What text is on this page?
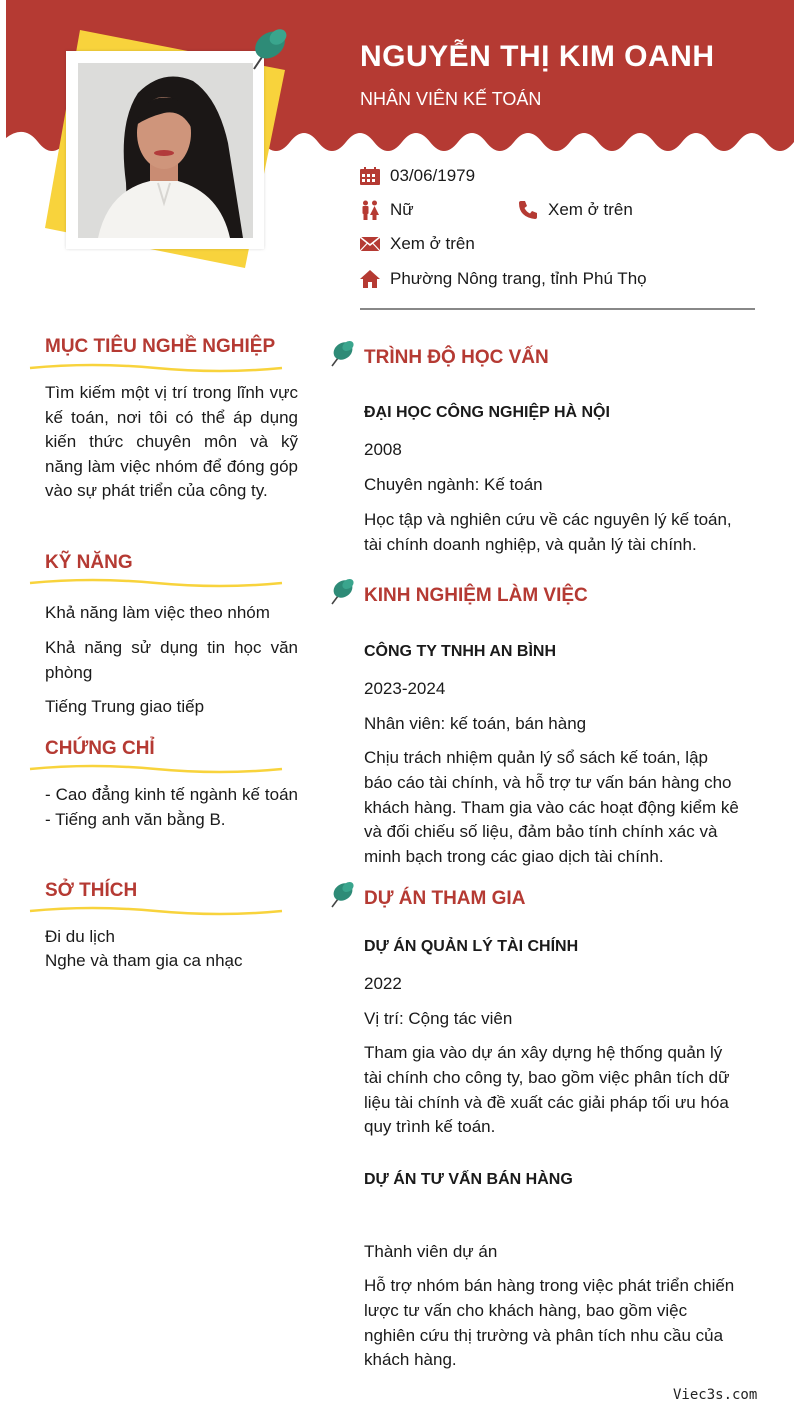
NGUYỄN THỊ KIM OANH
NHÂN VIÊN KẾ TOÁN
03/06/1979
Nữ	Xem ở trên
Xem ở trên
Phường Nông trang, tỉnh Phú Thọ
MỤC TIÊU NGHỀ NGHIỆP
Tìm kiếm một vị trí trong lĩnh vực kế toán, nơi tôi có thể áp dụng kiến thức chuyên môn và kỹ năng làm việc nhóm để đóng góp vào sự phát triển của công ty.
KỸ NĂNG
Khả năng làm việc theo nhóm
Khả năng sử dụng tin học văn phòng
Tiếng Trung giao tiếp
CHỨNG CHỈ
- Cao đẳng kinh tế ngành kế toán - Tiếng anh văn bằng B.
SỞ THÍCH
Đi du lịch
Nghe và tham gia ca nhạc
TRÌNH ĐỘ HỌC VẤN
ĐẠI HỌC CÔNG NGHIỆP HÀ NỘI
2008
Chuyên ngành: Kế toán
Học tập và nghiên cứu về các nguyên lý kế toán, tài chính doanh nghiệp, và quản lý tài chính.
KINH NGHIỆM LÀM VIỆC
CÔNG TY TNHH AN BÌNH
2023-2024
Nhân viên: kế toán, bán hàng
Chịu trách nhiệm quản lý sổ sách kế toán, lập báo cáo tài chính, và hỗ trợ tư vấn bán hàng cho khách hàng. Tham gia vào các hoạt động kiểm kê và đối chiếu số liệu, đảm bảo tính chính xác và minh bạch trong các giao dịch tài chính.
DỰ ÁN THAM GIA
DỰ ÁN QUẢN LÝ TÀI CHÍNH
2022
Vị trí: Cộng tác viên
Tham gia vào dự án xây dựng hệ thống quản lý tài chính cho công ty, bao gồm việc phân tích dữ liệu tài chính và đề xuất các giải pháp tối ưu hóa quy trình kế toán.
DỰ ÁN TƯ VẤN BÁN HÀNG
Thành viên dự án
Hỗ trợ nhóm bán hàng trong việc phát triển chiến lược tư vấn cho khách hàng, bao gồm việc nghiên cứu thị trường và phân tích nhu cầu của khách hàng.
Viec3s.com
